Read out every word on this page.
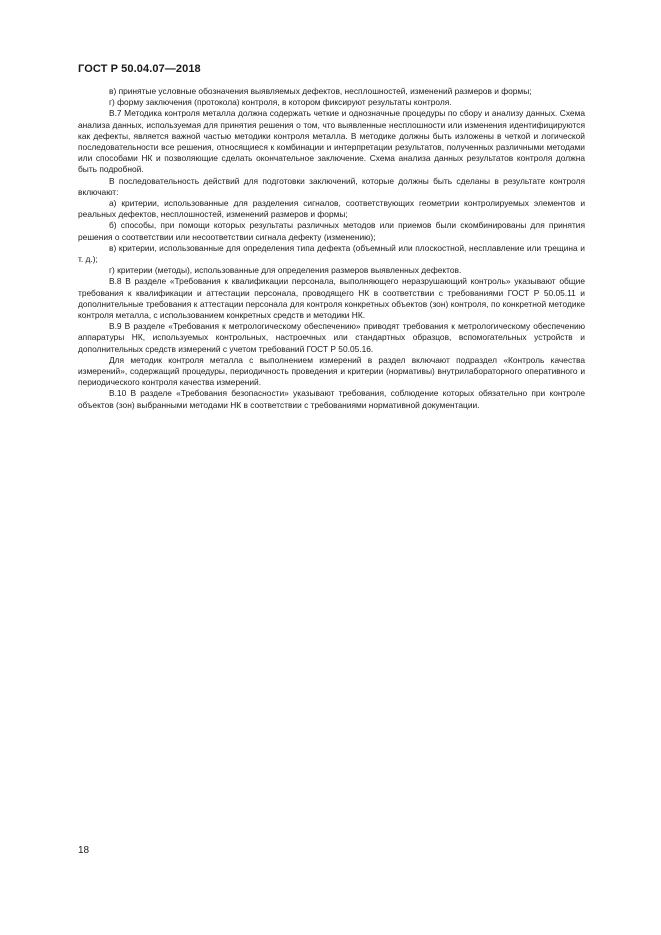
ГОСТ Р 50.04.07—2018

в) принятые условные обозначения выявляемых дефектов, несплошностей, изменений размеров и формы;

г) форму заключения (протокола) контроля, в котором фиксируют результаты контроля.

В.7 Методика контроля металла должна содержать четкие и однозначные процедуры по сбору и анализу данных. Схема анализа данных, используемая для принятия решения о том, что выявленные несплошности или изменения идентифицируются как дефекты, является важной частью методики контроля металла. В методике должны быть изложены в четкой и логической последовательности все решения, относящиеся к комбинации и интерпретации результатов, полученных различными методами или способами НК и позволяющие сделать окончательное заключение. Схема анализа данных результатов контроля должна быть подробной.

В последовательность действий для подготовки заключений, которые должны быть сделаны в результате контроля включают:

а) критерии, использованные для разделения сигналов, соответствующих геометрии контролируемых элементов и реальных дефектов, несплошностей, изменений размеров и формы;

б) способы, при помощи которых результаты различных методов или приемов были скомбинированы для принятия решения о соответствии или несоответствии сигнала дефекту (изменению);

в) критерии, использованные для определения типа дефекта (объемный или плоскостной, несплавление или трещина и т. д.);

г) критерии (методы), использованные для определения размеров выявленных дефектов.

В.8 В разделе «Требования к квалификации персонала, выполняющего неразрушающий контроль» указывают общие требования к квалификации и аттестации персонала, проводящего НК в соответствии с требованиями ГОСТ Р 50.05.11 и дополнительные требования к аттестации персонала для контроля конкретных объектов (зон) контроля, по конкретной методике контроля металла, с использованием конкретных средств и методики НК.

В.9 В разделе «Требования к метрологическому обеспечению» приводят требования к метрологическому обеспечению аппаратуры НК, используемых контрольных, настроечных или стандартных образцов, вспомогательных устройств и дополнительных средств измерений с учетом требований ГОСТ Р 50.05.16.

Для методик контроля металла с выполнением измерений в раздел включают подраздел «Контроль качества измерений», содержащий процедуры, периодичность проведения и критерии (нормативы) внутрилабораторного оперативного и периодического контроля качества измерений.

В.10 В разделе «Требования безопасности» указывают требования, соблюдение которых обязательно при контроле объектов (зон) выбранными методами НК в соответствии с требованиями нормативной документации.

18
